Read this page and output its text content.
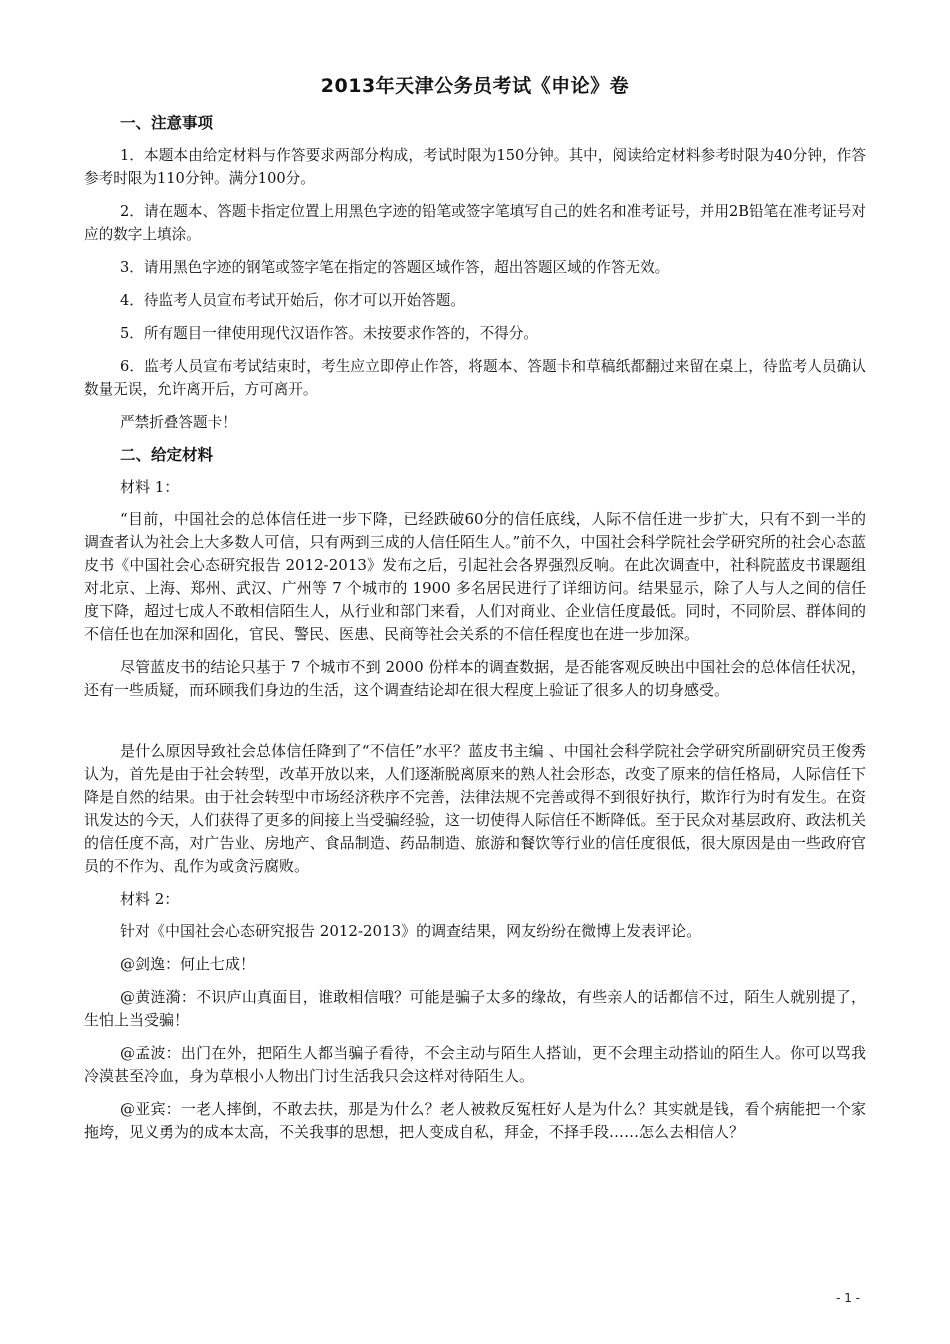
2013年天津公务员考试《申论》卷
一、注意事项

1．本题本由给定材料与作答要求两部分构成，考试时限为150分钟。其中，阅读给定材料参考时限为40分钟，作答参考时限为110分钟。满分100分。

2．请在题本、答题卡指定位置上用黑色字迹的铅笔或签字笔填写自己的姓名和准考证号，并用2B铅笔在准考证号对应的数字上填涂。

3．请用黑色字迹的钢笔或签字笔在指定的答题区域作答，超出答题区域的作答无效。

4．待监考人员宣布考试开始后，你才可以开始答题。

5．所有题目一律使用现代汉语作答。未按要求作答的，不得分。

6．监考人员宣布考试结束时，考生应立即停止作答，将题本、答题卡和草稿纸都翻过来留在桌上，待监考人员确认数量无误，允许离开后，方可离开。

严禁折叠答题卡！

二、给定材料

材料 1：

“目前，中国社会的总体信任进一步下降，已经跌破60分的信任底线，人际不信任进一步扩大，只有不到一半的调查者认为社会上大多数人可信，只有两到三成的人信任陌生人。”前不久，中国社会科学院社会学研究所的社会心态蓝皮书《中国社会心态研究报告 2012-2013》发布之后，引起社会各界强烈反响。在此次调查中，社科院蓝皮书课题组对北京、上海、郑州、武汉、广州等 7 个城市的 1900 多名居民进行了详细访问。结果显示，除了人与人之间的信任度下降，超过七成人不敢相信陌生人，从行业和部门来看，人们对商业、企业信任度最低。同时，不同阶层、群体间的不信任也在加深和固化，官民、警民、医患、民商等社会关系的不信任程度也在进一步加深。

尽管蓝皮书的结论只基于 7 个城市不到 2000 份样本的调查数据，是否能客观反映出中国社会的总体信任状况，还有一些质疑，而环顾我们身边的生活，这个调查结论却在很大程度上验证了很多人的切身感受。

是什么原因导致社会总体信任降到了“不信任”水平？蓝皮书主编 、中国社会科学院社会学研究所副研究员王俊秀认为，首先是由于社会转型，改革开放以来，人们逐渐脱离原来的熟人社会形态，改变了原来的信任格局，人际信任下降是自然的结果。由于社会转型中市场经济秩序不完善，法律法规不完善或得不到很好执行，欺诈行为时有发生。在资讯发达的今天，人们获得了更多的间接上当受骗经验，这一切使得人际信任不断降低。至于民众对基层政府、政法机关的信任度不高，对广告业、房地产、食品制造、药品制造、旅游和餐饮等行业的信任度很低，很大原因是由一些政府官员的不作为、乱作为或贪污腐败。

材料 2：

针对《中国社会心态研究报告 2012-2013》的调查结果，网友纷纷在微博上发表评论。

@剑逸：何止七成！

@黄涟漪：不识庐山真面目，谁敢相信哦？可能是骗子太多的缘故，有些亲人的话都信不过，陌生人就别提了，生怕上当受骗！

@孟波：出门在外，把陌生人都当骗子看待，不会主动与陌生人搭讪，更不会理主动搭讪的陌生人。你可以骂我冷漠甚至冷血，身为草根小人物出门讨生活我只会这样对待陌生人。

@亚宾：一老人摔倒，不敢去扶，那是为什么？老人被救反冤枉好人是为什么？其实就是钱，看个病能把一个家拖垮，见义勇为的成本太高，不关我事的思想，把人变成自私，拜金，不择手段……怎么去相信人？

- 1 -
